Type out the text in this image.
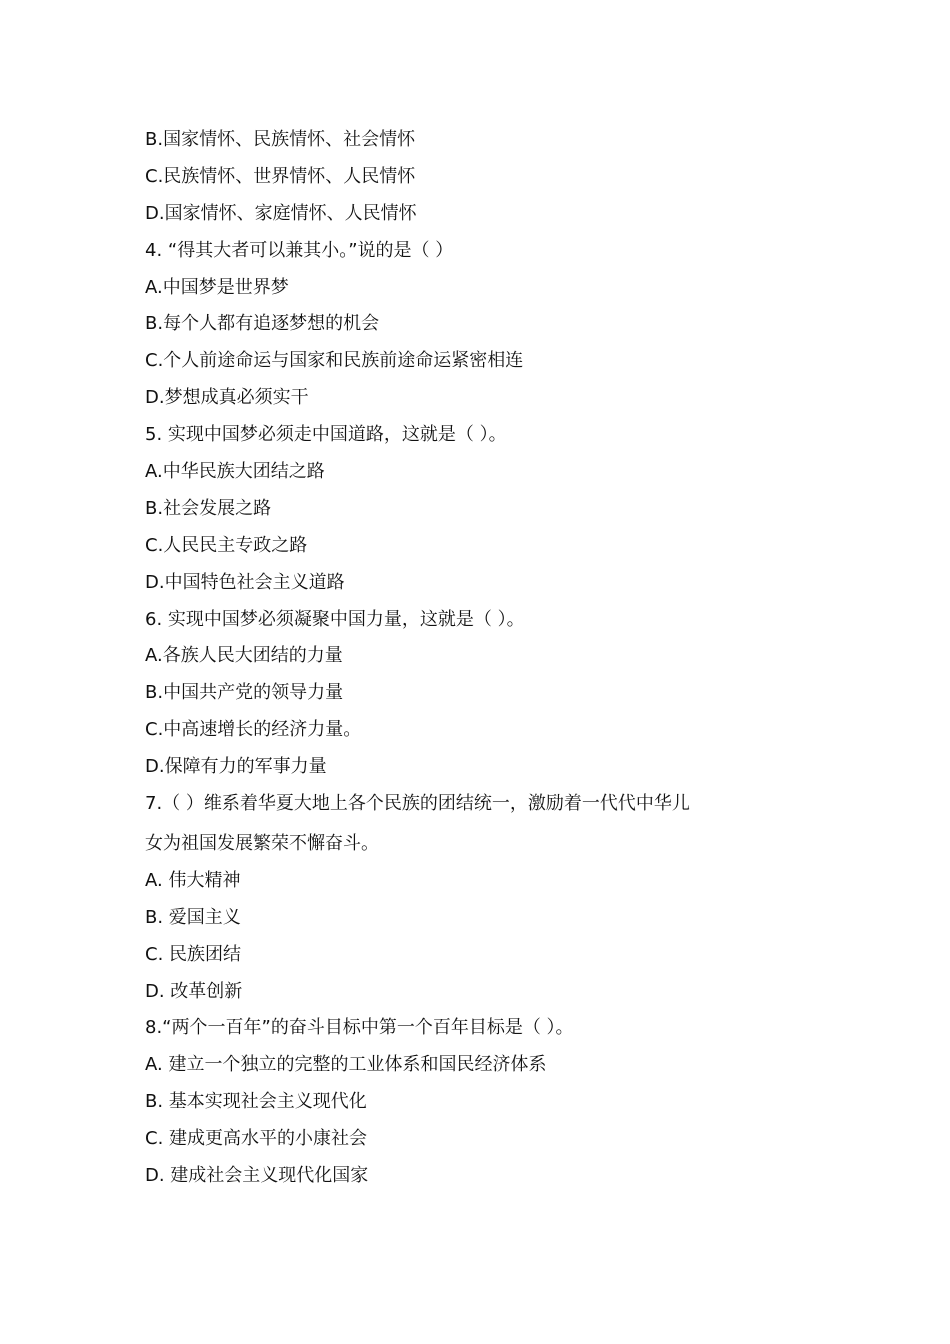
B.国家情怀、民族情怀、社会情怀
C.民族情怀、世界情怀、人民情怀
D.国家情怀、家庭情怀、人民情怀
4. “得其大者可以兼其小。”说的是（ ）
A.中国梦是世界梦
B.每个人都有追逐梦想的机会
C.个人前途命运与国家和民族前途命运紧密相连
D.梦想成真必须实干
5. 实现中国梦必须走中国道路，这就是（ ）。
A.中华民族大团结之路
B.社会发展之路
C.人民民主专政之路
D.中国特色社会主义道路
6. 实现中国梦必须凝聚中国力量，这就是（ ）。
A.各族人民大团结的力量
B.中国共产党的领导力量
C.中高速增长的经济力量。
D.保障有力的军事力量
7.（ ）维系着华夏大地上各个民族的团结统一，激励着一代代中华儿
女为祖国发展繁荣不懈奋斗。
A. 伟大精神
B. 爱国主义
C. 民族团结
D. 改革创新
8.“两个一百年”的奋斗目标中第一个百年目标是（ ）。
A. 建立一个独立的完整的工业体系和国民经济体系
B. 基本实现社会主义现代化
C. 建成更高水平的小康社会
D. 建成社会主义现代化国家
